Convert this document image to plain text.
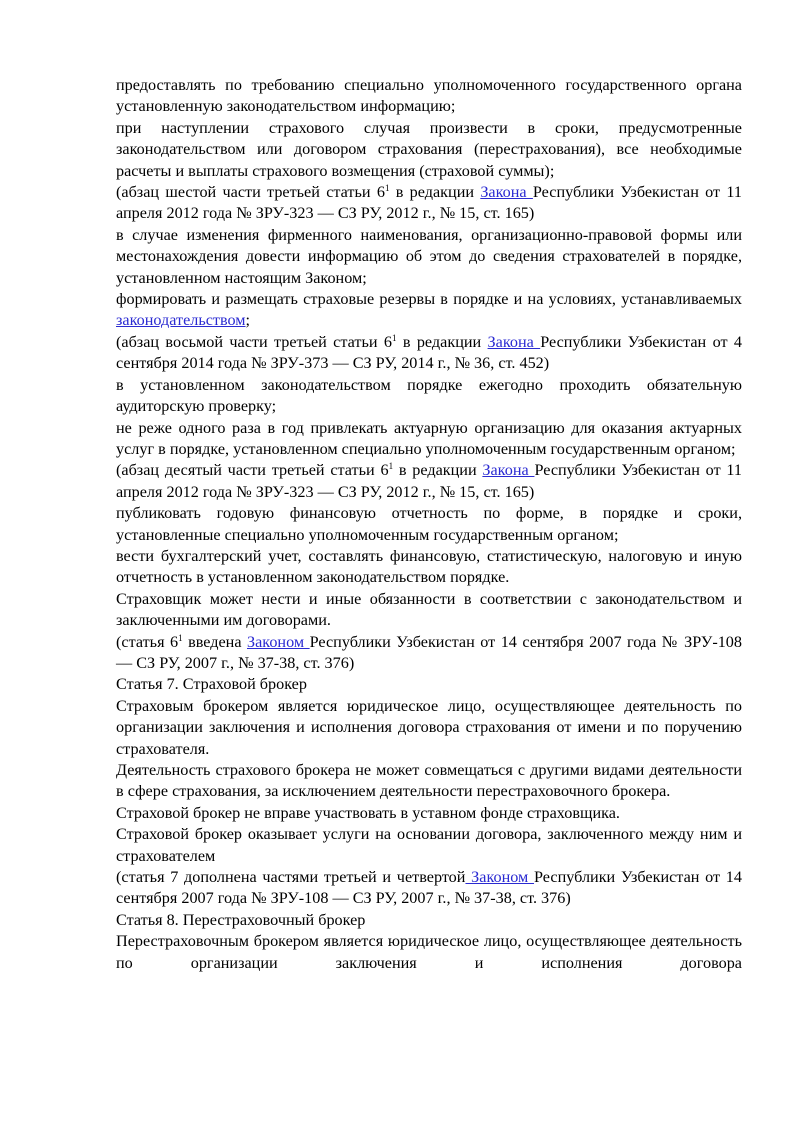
предоставлять по требованию специально уполномоченного государственного органа установленную законодательством информацию;

при наступлении страхового случая произвести в сроки, предусмотренные законодательством или договором страхования (перестрахования), все необходимые расчеты и выплаты страхового возмещения (страховой суммы);

(абзац шестой части третьей статьи $6^1$ в редакции Закона Республики Узбекистан от 11 апреля 2012 года № ЗРУ-323 — СЗ РУ, 2012 г., № 15, ст. 165)

в случае изменения фирменного наименования, организационно-правовой формы или местонахождения довести информацию об этом до сведения страхователей в порядке, установленном настоящим Законом;

формировать и размещать страховые резервы в порядке и на условиях, устанавливаемых законодательством;

(абзац восьмой части третьей статьи $6^1$ в редакции Закона Республики Узбекистан от 4 сентября 2014 года № ЗРУ-373 — СЗ РУ, 2014 г., № 36, ст. 452)

в установленном законодательством порядке ежегодно проходить обязательную аудиторскую проверку;

не реже одного раза в год привлекать актуарную организацию для оказания актуарных услуг в порядке, установленном специально уполномоченным государственным органом;

(абзац десятый части третьей статьи $6^1$ в редакции Закона Республики Узбекистан от 11 апреля 2012 года № ЗРУ-323 — СЗ РУ, 2012 г., № 15, ст. 165)

публиковать годовую финансовую отчетность по форме, в порядке и сроки, установленные специально уполномоченным государственным органом;

вести бухгалтерский учет, составлять финансовую, статистическую, налоговую и иную отчетность в установленном законодательством порядке.

Страховщик может нести и иные обязанности в соответствии с законодательством и заключенными им договорами.

(статья $6^1$ введена Законом Республики Узбекистан от 14 сентября 2007 года № ЗРУ-108 — СЗ РУ, 2007 г., № 37-38, ст. 376)

Статья 7. Страховой брокер

Страховым брокером является юридическое лицо, осуществляющее деятельность по организации заключения и исполнения договора страхования от имени и по поручению страхователя.

Деятельность страхового брокера не может совмещаться с другими видами деятельности в сфере страхования, за исключением деятельности перестраховочного брокера.

Страховой брокер не вправе участвовать в уставном фонде страховщика.

Страховой брокер оказывает услуги на основании договора, заключенного между ним и страхователем

(статья 7 дополнена частями третьей и четвертой Законом Республики Узбекистан от 14 сентября 2007 года № ЗРУ-108 — СЗ РУ, 2007 г., № 37-38, ст. 376)

Статья 8. Перестраховочный брокер

Перестраховочным брокером является юридическое лицо, осуществляющее деятельность по организации заключения и исполнения договора
